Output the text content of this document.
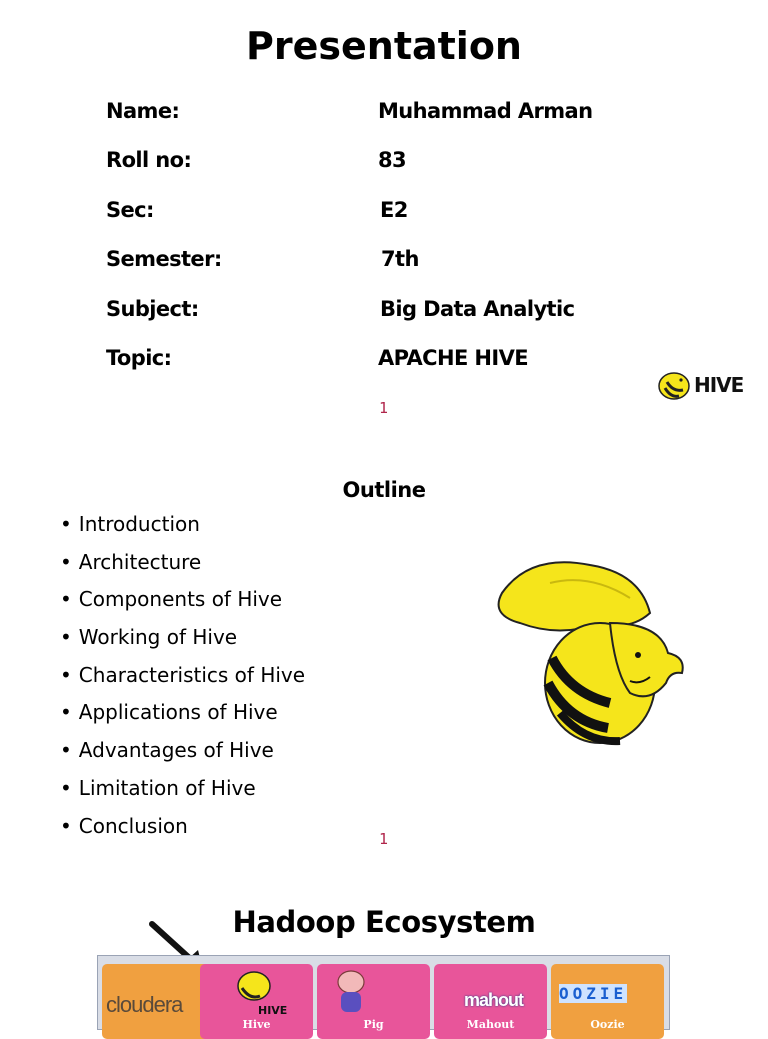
Presentation
Name:	Muhammad Arman
Roll no:	83
Sec:	E2
Semester:	7th
Subject:	Big Data Analytic
Topic:	APACHE HIVE
HIVE
1
Outline
• Introduction
• Architecture
• Components of Hive
• Working of Hive
• Characteristics of Hive
• Applications of Hive
• Advantages of Hive
• Limitation of Hive
• Conclusion
1
Hadoop Ecosystem
cloudera	HIVE
Hive	Pig
mahout
Mahout
OOZIE
Oozie
